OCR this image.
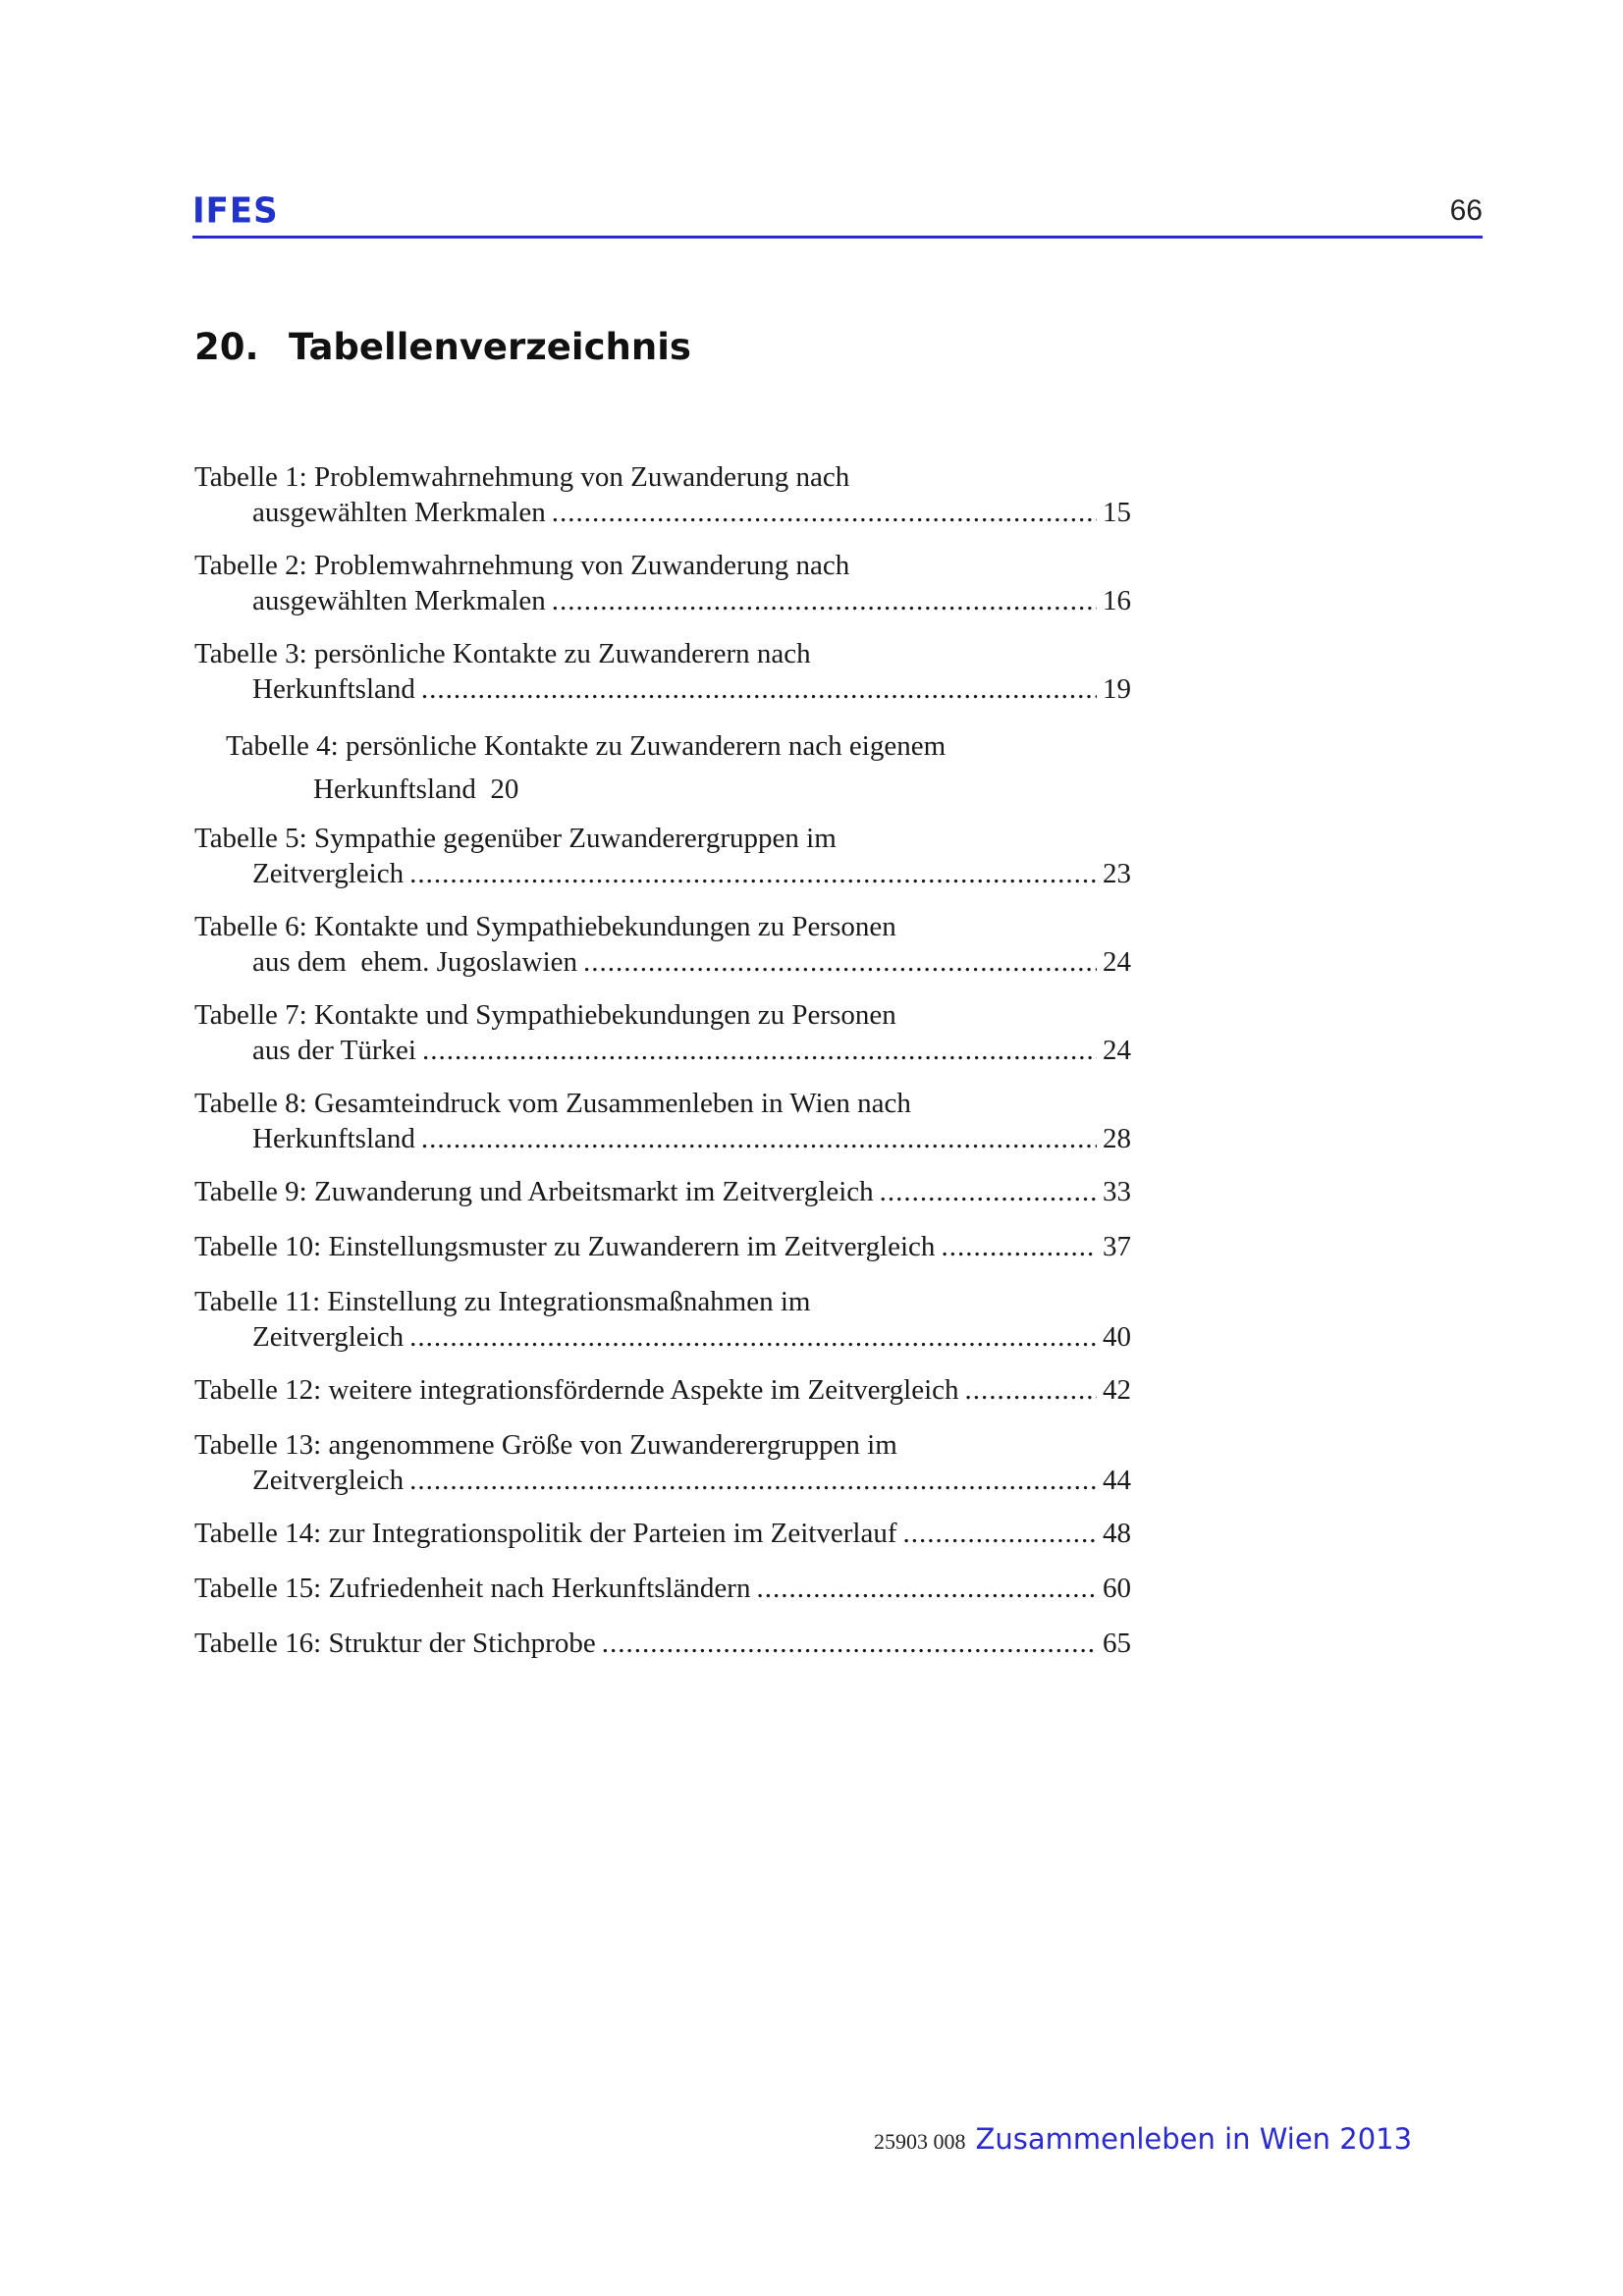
IFES	66
20. Tabellenverzeichnis
Tabelle 1: Problemwahrnehmung von Zuwanderung nach
ausgewählten Merkmalen .....	15
Tabelle 2: Problemwahrnehmung von Zuwanderung nach
ausgewählten Merkmalen .....	16
Tabelle 3: persönliche Kontakte zu Zuwanderern nach
Herkunftsland .....	19
Tabelle 4: persönliche Kontakte zu Zuwanderern nach eigenem
Herkunftsland 20
Tabelle 5: Sympathie gegenüber Zuwanderergruppen im
Zeitvergleich .....	23
Tabelle 6: Kontakte und Sympathiebekundungen zu Personen
aus dem  ehem. Jugoslawien .....	24
Tabelle 7: Kontakte und Sympathiebekundungen zu Personen
aus der Türkei .....	24
Tabelle 8: Gesamteindruck vom Zusammenleben in Wien nach
Herkunftsland .....	28
Tabelle 9: Zuwanderung und Arbeitsmarkt im Zeitvergleich .....	33
Tabelle 10: Einstellungsmuster zu Zuwanderern im Zeitvergleich .....	37
Tabelle 11: Einstellung zu Integrationsmaßnahmen im
Zeitvergleich .....	40
Tabelle 12: weitere integrationsfördernde Aspekte im Zeitvergleich .....	42
Tabelle 13: angenommene Größe von Zuwanderergruppen im
Zeitvergleich .....	44
Tabelle 14: zur Integrationspolitik der Parteien im Zeitverlauf .....	48
Tabelle 15: Zufriedenheit nach Herkunftsländern .....	60
Tabelle 16: Struktur der Stichprobe .....	65
25903 008 Zusammenleben in Wien 2013
